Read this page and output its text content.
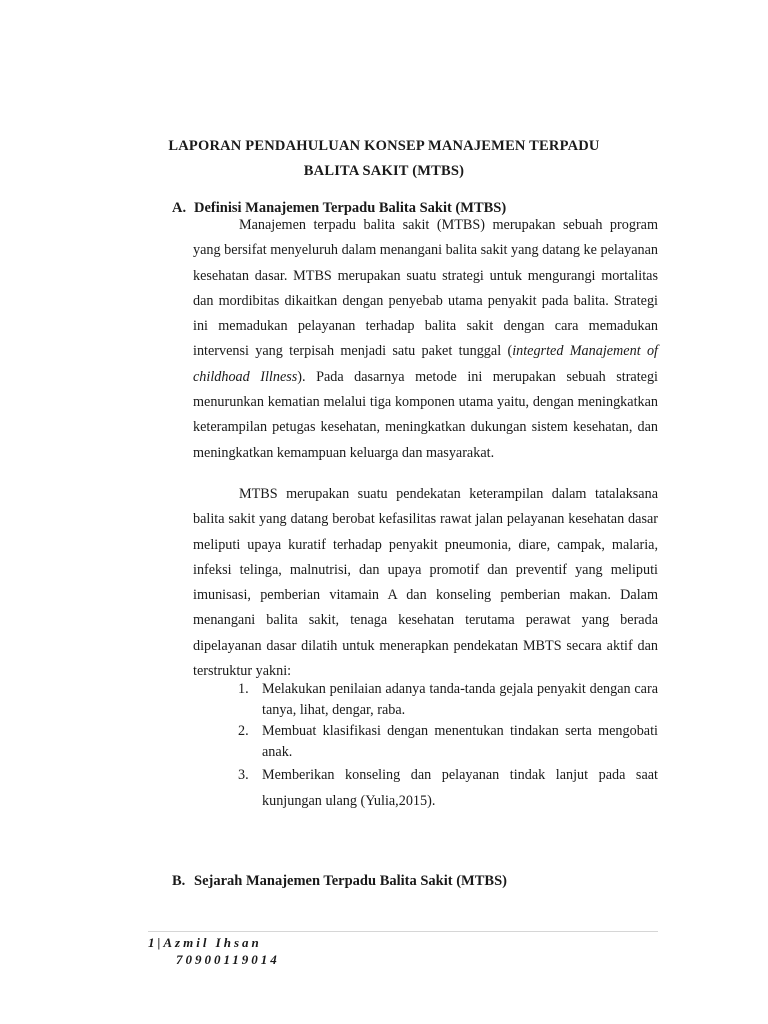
LAPORAN PENDAHULUAN KONSEP MANAJEMEN TERPADU
BALITA SAKIT (MTBS)
A. Definisi Manajemen Terpadu Balita Sakit (MTBS)

Manajemen terpadu balita sakit (MTBS) merupakan sebuah program yang bersifat menyeluruh dalam menangani balita sakit yang datang ke pelayanan kesehatan dasar. MTBS merupakan suatu strategi untuk mengurangi mortalitas dan mordibitas dikaitkan dengan penyebab utama penyakit pada balita. Strategi ini memadukan pelayanan terhadap balita sakit dengan cara memadukan intervensi yang terpisah menjadi satu paket tunggal (integrted Manajement of childhoad Illness). Pada dasarnya metode ini merupakan sebuah strategi menurunkan kematian melalui tiga komponen utama yaitu, dengan meningkatkan keterampilan petugas kesehatan, meningkatkan dukungan sistem kesehatan, dan meningkatkan kemampuan keluarga dan masyarakat.

MTBS merupakan suatu pendekatan keterampilan dalam tatalaksana balita sakit yang datang berobat kefasilitas rawat jalan pelayanan kesehatan dasar meliputi upaya kuratif terhadap penyakit pneumonia, diare, campak, malaria, infeksi telinga, malnutrisi, dan upaya promotif dan preventif yang meliputi imunisasi, pemberian vitamain A dan konseling pemberian makan. Dalam menangani balita sakit, tenaga kesehatan terutama perawat yang berada dipelayanan dasar dilatih untuk menerapkan pendekatan MBTS secara aktif dan terstruktur yakni:

1. Melakukan penilaian adanya tanda-tanda gejala penyakit dengan cara tanya, lihat, dengar, raba.
2. Membuat klasifikasi dengan menentukan tindakan serta mengobati anak.
3. Memberikan konseling dan pelayanan tindak lanjut pada saat kunjungan ulang (Yulia,2015).
B. Sejarah Manajemen Terpadu Balita Sakit (MTBS)
1|Azmil Ihsan
70900119014
